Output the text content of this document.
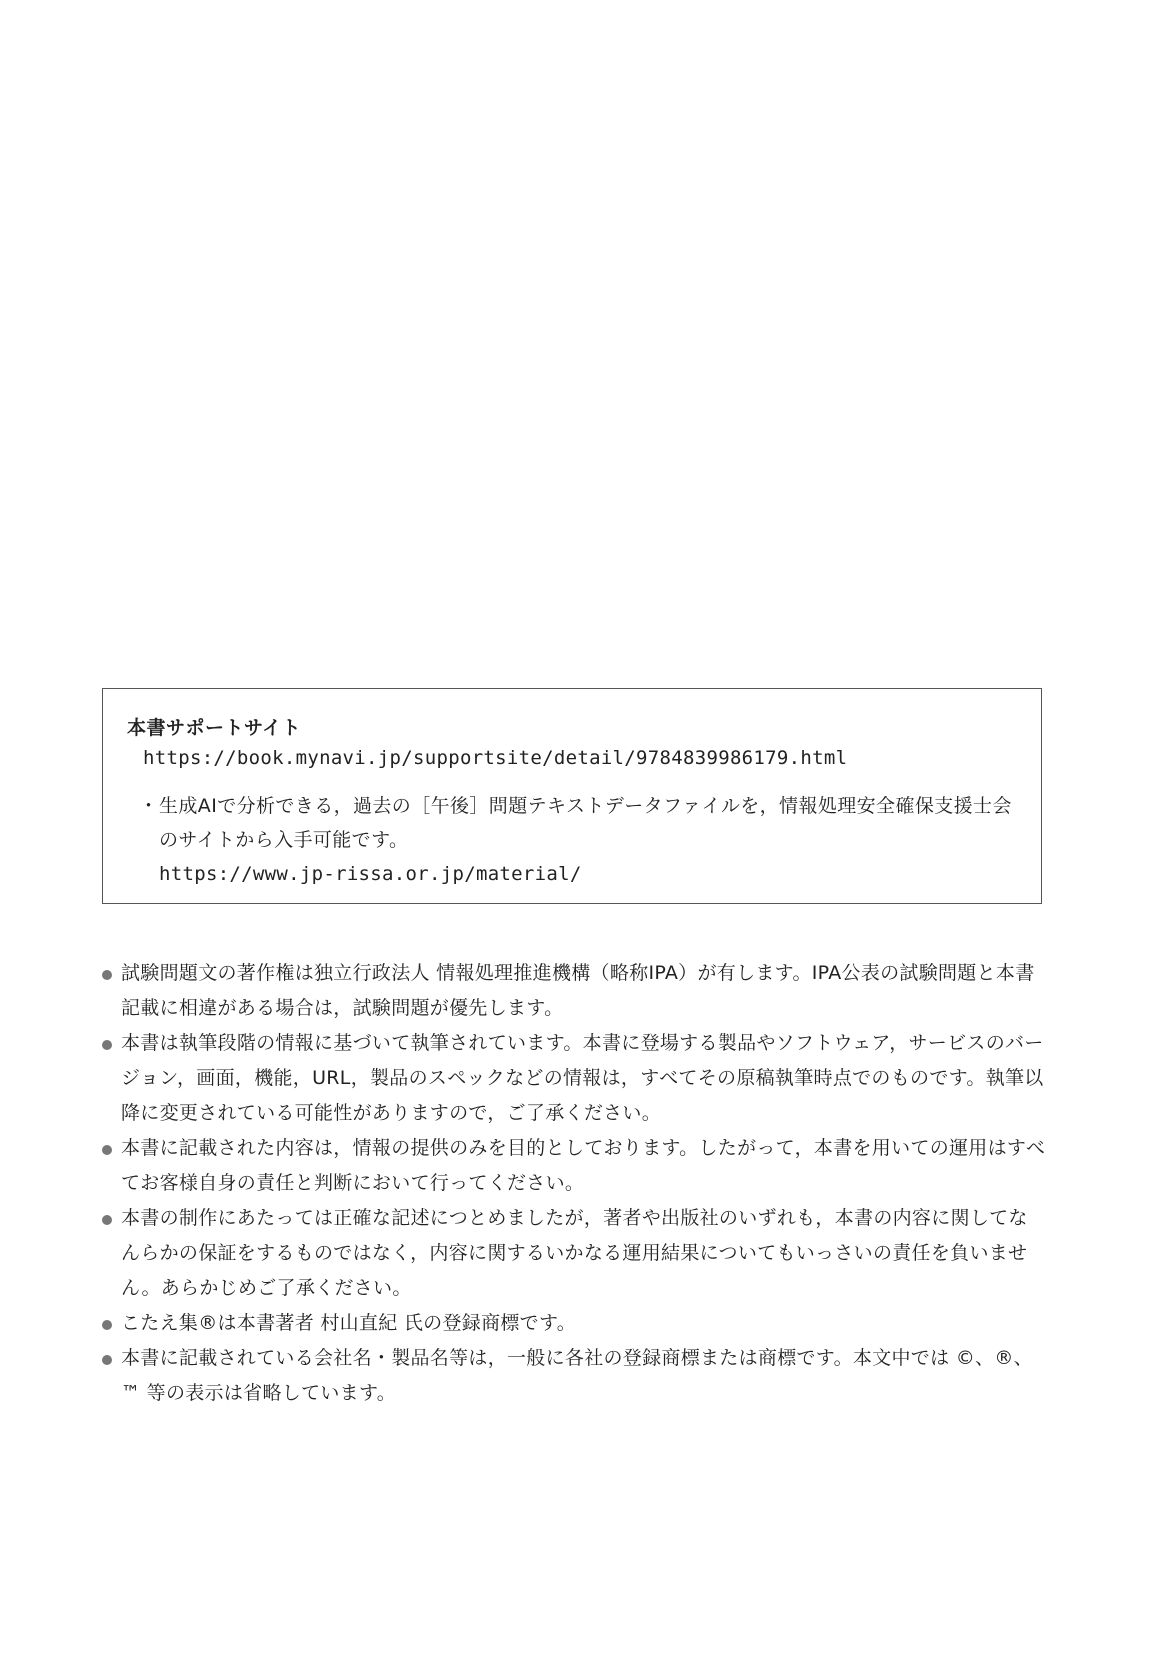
本書サポートサイト
https://book.mynavi.jp/supportsite/detail/9784839986179.html
・ 生成AIで分析できる，過去の［午後］問題テキストデータファイルを，情報処理安全確保支援士会のサイトから入手可能です。
https://www.jp-rissa.or.jp/material/
試験問題文の著作権は独立行政法人 情報処理推進機構（略称IPA）が有します。IPA公表の試験問題と本書記載に相違がある場合は，試験問題が優先します。
本書は執筆段階の情報に基づいて執筆されています。本書に登場する製品やソフトウェア，サービスのバージョン，画面，機能，URL，製品のスペックなどの情報は，すべてその原稿執筆時点でのものです。執筆以降に変更されている可能性がありますので，ご了承ください。
本書に記載された内容は，情報の提供のみを目的としております。したがって，本書を用いての運用はすべてお客様自身の責任と判断において行ってください。
本書の制作にあたっては正確な記述につとめましたが，著者や出版社のいずれも，本書の内容に関してなんらかの保証をするものではなく，内容に関するいかなる運用結果についてもいっさいの責任を負いません。あらかじめご了承ください。
こたえ集®は本書著者 村山直紀 氏の登録商標です。
本書に記載されている会社名・製品名等は，一般に各社の登録商標または商標です。本文中では ©、®、™ 等の表示は省略しています。
